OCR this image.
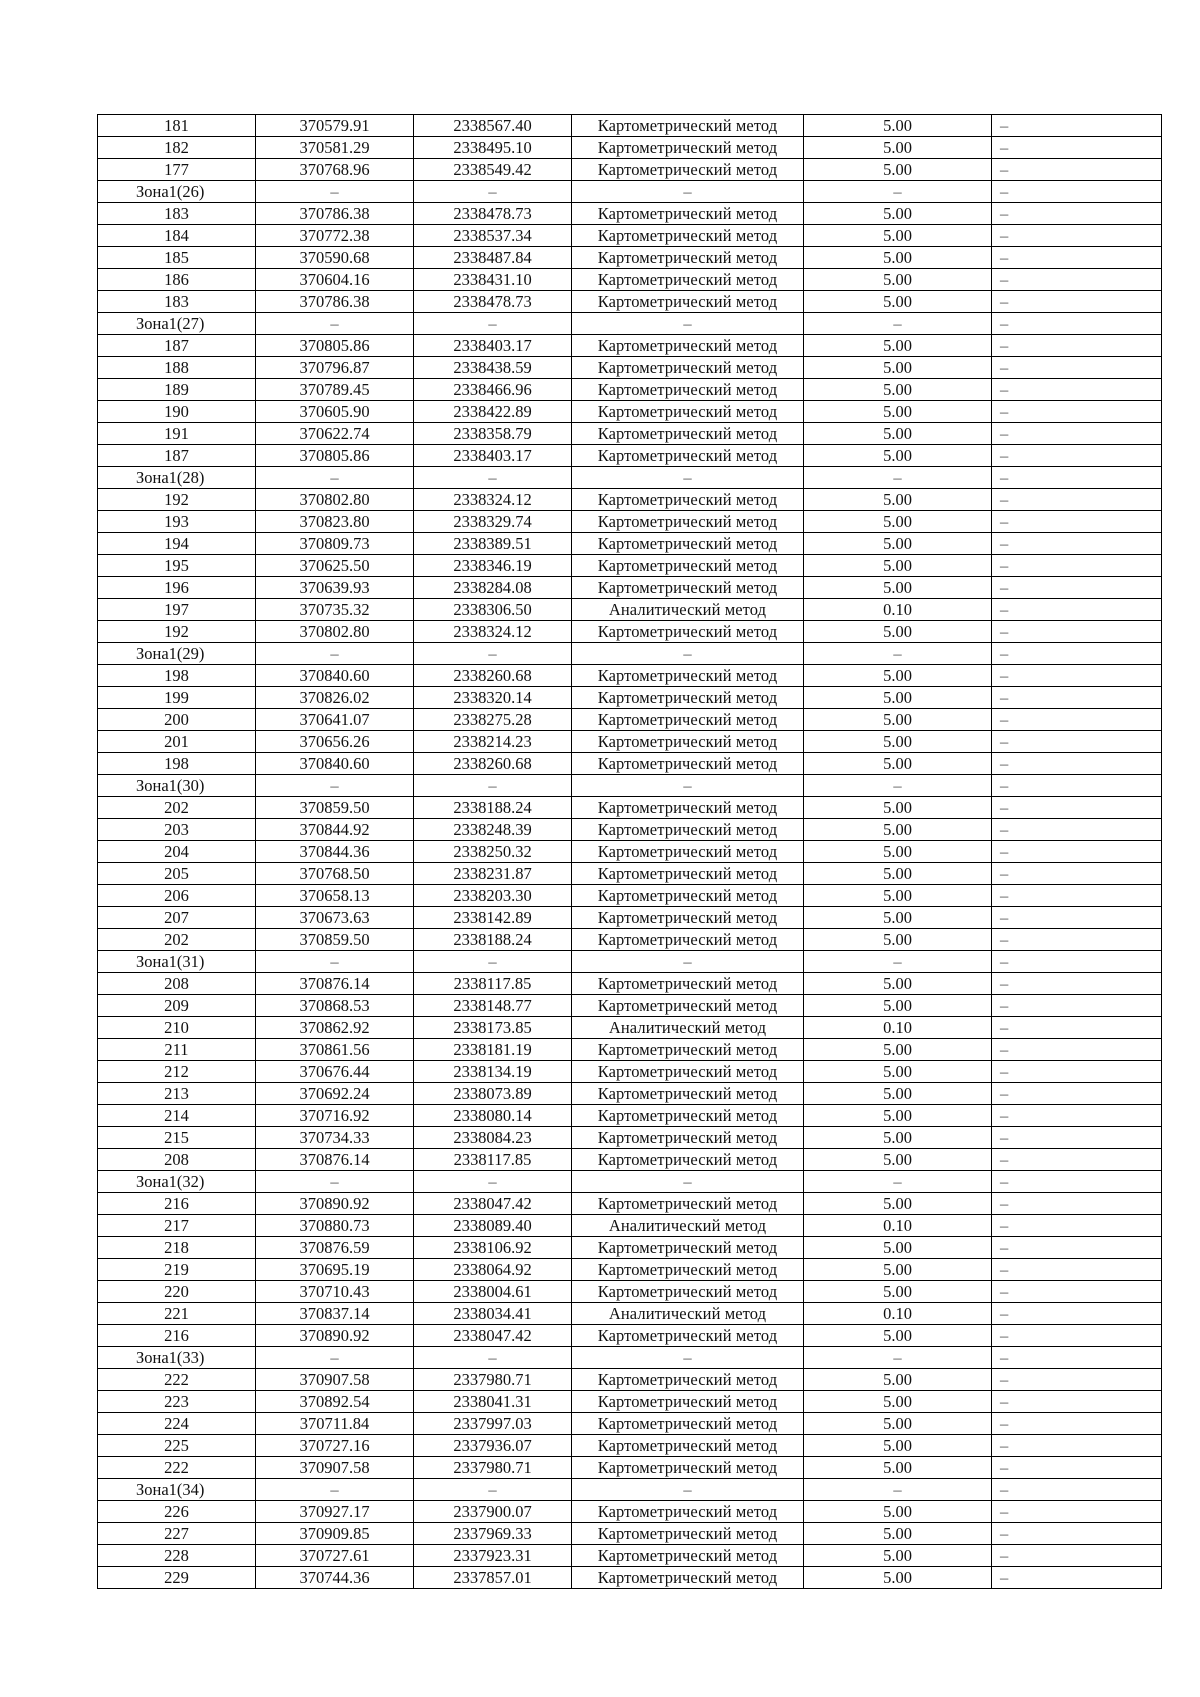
181	370579.91	2338567.40	Картометрический метод	5.00	–
182	370581.29	2338495.10	Картометрический метод	5.00	–
177	370768.96	2338549.42	Картометрический метод	5.00	–
Зона1(26)	–	–	–	–	–
183	370786.38	2338478.73	Картометрический метод	5.00	–
184	370772.38	2338537.34	Картометрический метод	5.00	–
185	370590.68	2338487.84	Картометрический метод	5.00	–
186	370604.16	2338431.10	Картометрический метод	5.00	–
183	370786.38	2338478.73	Картометрический метод	5.00	–
Зона1(27)	–	–	–	–	–
187	370805.86	2338403.17	Картометрический метод	5.00	–
188	370796.87	2338438.59	Картометрический метод	5.00	–
189	370789.45	2338466.96	Картометрический метод	5.00	–
190	370605.90	2338422.89	Картометрический метод	5.00	–
191	370622.74	2338358.79	Картометрический метод	5.00	–
187	370805.86	2338403.17	Картометрический метод	5.00	–
Зона1(28)	–	–	–	–	–
192	370802.80	2338324.12	Картометрический метод	5.00	–
193	370823.80	2338329.74	Картометрический метод	5.00	–
194	370809.73	2338389.51	Картометрический метод	5.00	–
195	370625.50	2338346.19	Картометрический метод	5.00	–
196	370639.93	2338284.08	Картометрический метод	5.00	–
197	370735.32	2338306.50	Аналитический метод	0.10	–
192	370802.80	2338324.12	Картометрический метод	5.00	–
Зона1(29)	–	–	–	–	–
198	370840.60	2338260.68	Картометрический метод	5.00	–
199	370826.02	2338320.14	Картометрический метод	5.00	–
200	370641.07	2338275.28	Картометрический метод	5.00	–
201	370656.26	2338214.23	Картометрический метод	5.00	–
198	370840.60	2338260.68	Картометрический метод	5.00	–
Зона1(30)	–	–	–	–	–
202	370859.50	2338188.24	Картометрический метод	5.00	–
203	370844.92	2338248.39	Картометрический метод	5.00	–
204	370844.36	2338250.32	Картометрический метод	5.00	–
205	370768.50	2338231.87	Картометрический метод	5.00	–
206	370658.13	2338203.30	Картометрический метод	5.00	–
207	370673.63	2338142.89	Картометрический метод	5.00	–
202	370859.50	2338188.24	Картометрический метод	5.00	–
Зона1(31)	–	–	–	–	–
208	370876.14	2338117.85	Картометрический метод	5.00	–
209	370868.53	2338148.77	Картометрический метод	5.00	–
210	370862.92	2338173.85	Аналитический метод	0.10	–
211	370861.56	2338181.19	Картометрический метод	5.00	–
212	370676.44	2338134.19	Картометрический метод	5.00	–
213	370692.24	2338073.89	Картометрический метод	5.00	–
214	370716.92	2338080.14	Картометрический метод	5.00	–
215	370734.33	2338084.23	Картометрический метод	5.00	–
208	370876.14	2338117.85	Картометрический метод	5.00	–
Зона1(32)	–	–	–	–	–
216	370890.92	2338047.42	Картометрический метод	5.00	–
217	370880.73	2338089.40	Аналитический метод	0.10	–
218	370876.59	2338106.92	Картометрический метод	5.00	–
219	370695.19	2338064.92	Картометрический метод	5.00	–
220	370710.43	2338004.61	Картометрический метод	5.00	–
221	370837.14	2338034.41	Аналитический метод	0.10	–
216	370890.92	2338047.42	Картометрический метод	5.00	–
Зона1(33)	–	–	–	–	–
222	370907.58	2337980.71	Картометрический метод	5.00	–
223	370892.54	2338041.31	Картометрический метод	5.00	–
224	370711.84	2337997.03	Картометрический метод	5.00	–
225	370727.16	2337936.07	Картометрический метод	5.00	–
222	370907.58	2337980.71	Картометрический метод	5.00	–
Зона1(34)	–	–	–	–	–
226	370927.17	2337900.07	Картометрический метод	5.00	–
227	370909.85	2337969.33	Картометрический метод	5.00	–
228	370727.61	2337923.31	Картометрический метод	5.00	–
229	370744.36	2337857.01	Картометрический метод	5.00	–
